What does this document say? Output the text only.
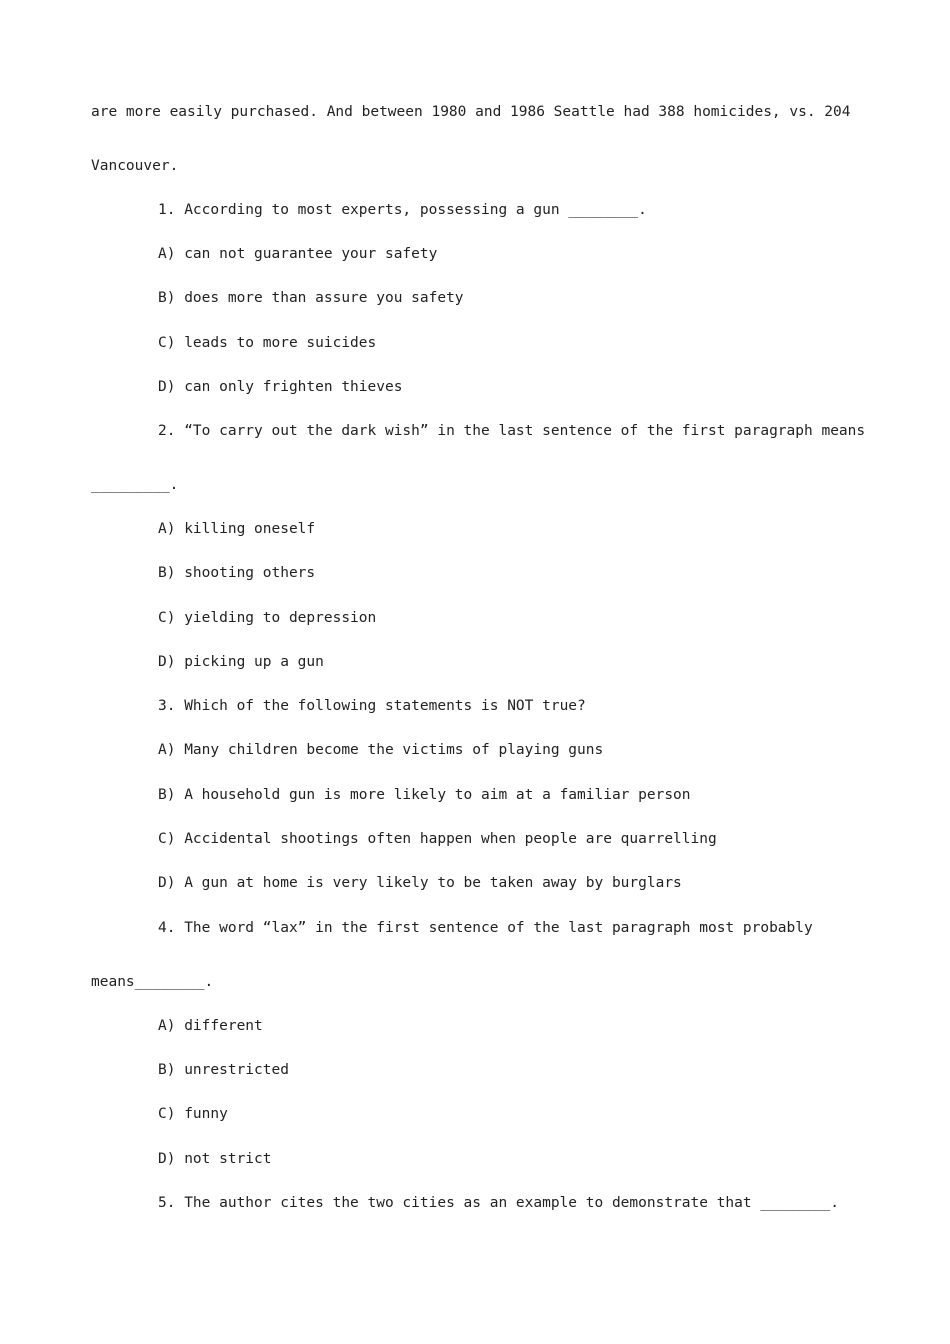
are more easily purchased. And between 1980 and 1986 Seattle had 388 homicides, vs. 204
Vancouver.
1. According to most experts, possessing a gun ________.
A) can not guarantee your safety
B) does more than assure you safety
C) leads to more suicides
D) can only frighten thieves
2. “To carry out the dark wish” in the last sentence of the first paragraph means
_________.
A) killing oneself
B) shooting others
C) yielding to depression
D) picking up a gun
3. Which of the following statements is NOT true?
A) Many children become the victims of playing guns
B) A household gun is more likely to aim at a familiar person
C) Accidental shootings often happen when people are quarrelling
D) A gun at home is very likely to be taken away by burglars
4. The word “lax” in the first sentence of the last paragraph most probably
means________.
A) different
B) unrestricted
C) funny
D) not strict
5. The author cites the two cities as an example to demonstrate that ________.
